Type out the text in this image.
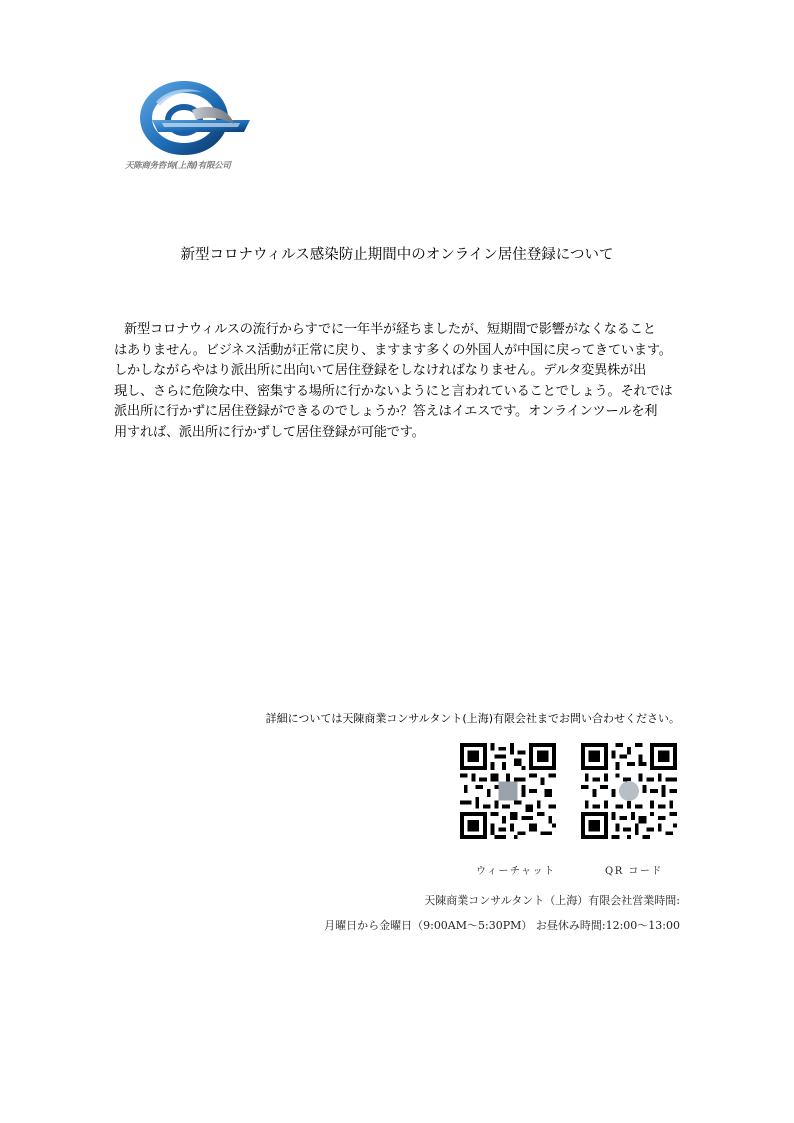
天陈商务咨询(上海)有限公司
新型コロナウィルス感染防止期間中のオンライン居住登録について

新型コロナウィルスの流行からすでに一年半が経ちましたが、短期間で影響がなくなること
はありません。ビジネス活動が正常に戻り、ますます多くの外国人が中国に戻ってきています。
しかしながらやはり派出所に出向いて居住登録をしなければなりません。デルタ変異株が出
現し、さらに危険な中、密集する場所に行かないようにと言われていることでしょう。それでは
派出所に行かずに居住登録ができるのでしょうか？答えはイエスです。オンラインツールを利
用すれば、派出所に行かずして居住登録が可能です。

詳細については天陳商業コンサルタント(上海)有限会社までお問い合わせください。
ウィーチャット	QR コード
天陳商業コンサルタント（上海）有限会社営業時間:
月曜日から金曜日（9:00AM～5:30PM） お昼休み時間:12:00～13:00
